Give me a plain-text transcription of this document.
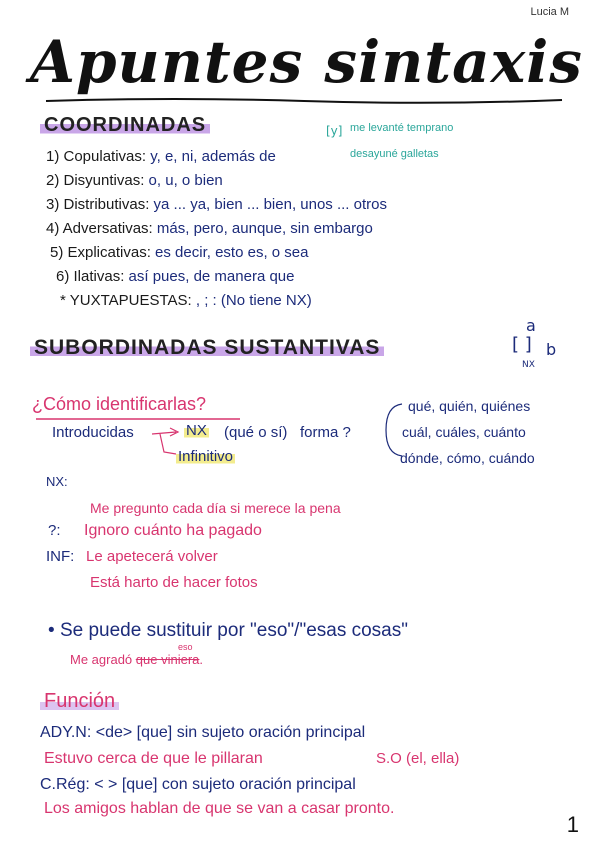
Lucia M
Apuntes sintaxis
COORDINADAS	[y] me levanté temprano
desayuné galletas
1) Copulativas: y, e, ni, además de
2) Disyuntivas: o, u, o bien
3) Distributivas: ya ... ya, bien ... bien, unos ... otros
4) Adversativas: más, pero, aunque, sin embargo
5) Explicativas: es decir, esto es, o sea
6) Ilativas: así pues, de manera que
* YUXTAPUESTAS: , ; : (No tiene NX)
SUBORDINADAS SUSTANTIVAS
a
[ ] b
NX
¿Cómo identificarlas?
Introducidas	NX (qué o sí) forma ?
Infinitivo
qué, quién, quiénes
cuál, cuáles, cuánto
dónde, cómo, cuándo
NX:
Me pregunto cada día si merece la pena
?: Ignoro cuánto ha pagado
INF: Le apetecerá volver
Está harto de hacer fotos
• Se puede sustituir por "eso"/"esas cosas"
eso
Me agradó que viniera.
Función
ADY.N: <de> [que] sin sujeto oración principal
Estuvo cerca de que le pillaran	S.O (el, ella)
C.Rég: < > [que] con sujeto oración principal
Los amigos hablan de que se van a casar pronto.
1
